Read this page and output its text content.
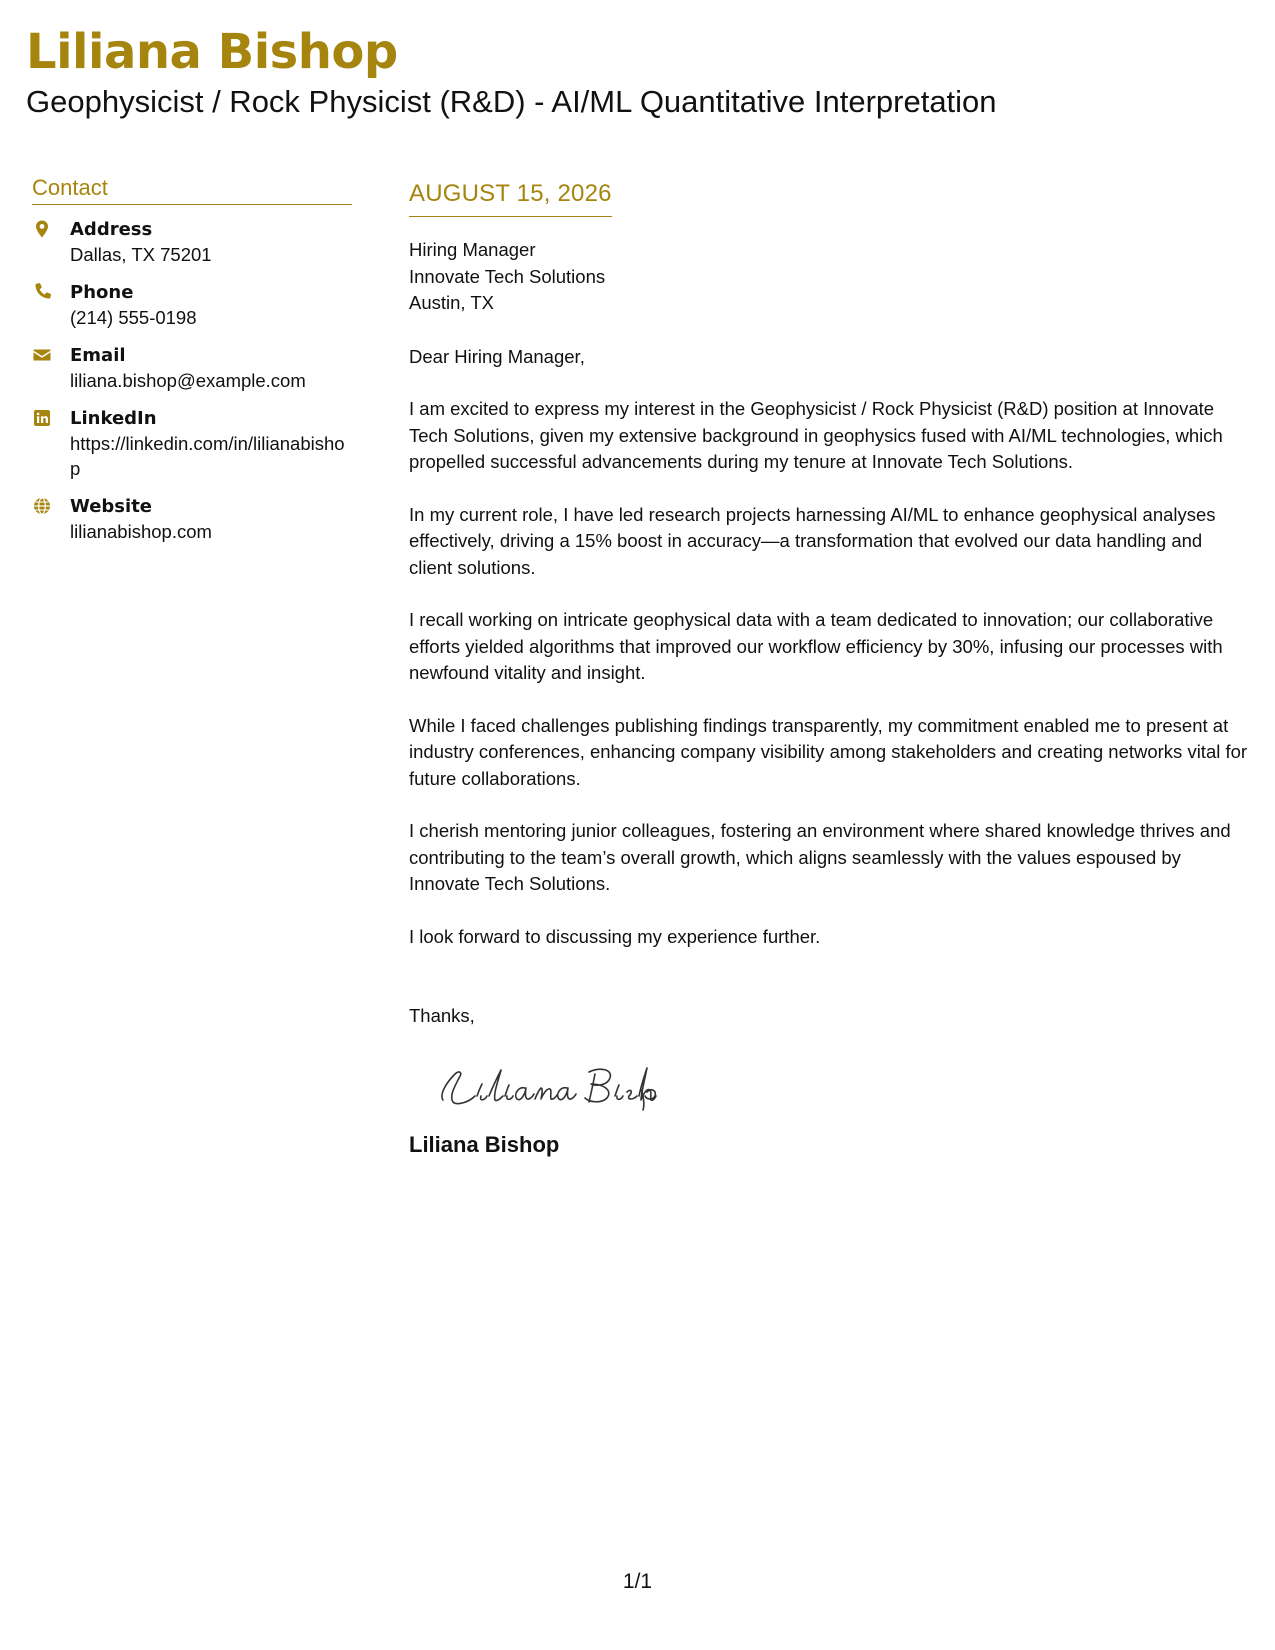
Liliana Bishop
Geophysicist / Rock Physicist (R&D) - AI/ML Quantitative Interpretation
Contact
Address
Dallas, TX 75201
Phone
(214) 555-0198
Email
liliana.bishop@example.com
LinkedIn
https://linkedin.com/in/lilianabishop
Website
lilianabishop.com
AUGUST 15, 2026
Hiring Manager
Innovate Tech Solutions
Austin, TX
Dear Hiring Manager,

I am excited to express my interest in the Geophysicist / Rock Physicist (R&D) position at Innovate Tech Solutions, given my extensive background in geophysics fused with AI/ML technologies, which propelled successful advancements during my tenure at Innovate Tech Solutions.

In my current role, I have led research projects harnessing AI/ML to enhance geophysical analyses effectively, driving a 15% boost in accuracy—a transformation that evolved our data handling and client solutions.

I recall working on intricate geophysical data with a team dedicated to innovation; our collaborative efforts yielded algorithms that improved our workflow efficiency by 30%, infusing our processes with newfound vitality and insight.

While I faced challenges publishing findings transparently, my commitment enabled me to present at industry conferences, enhancing company visibility among stakeholders and creating networks vital for future collaborations.

I cherish mentoring junior colleagues, fostering an environment where shared knowledge thrives and contributing to the team’s overall growth, which aligns seamlessly with the values espoused by Innovate Tech Solutions.

I look forward to discussing my experience further.

Thanks,
Liliana Bishop
1/1
